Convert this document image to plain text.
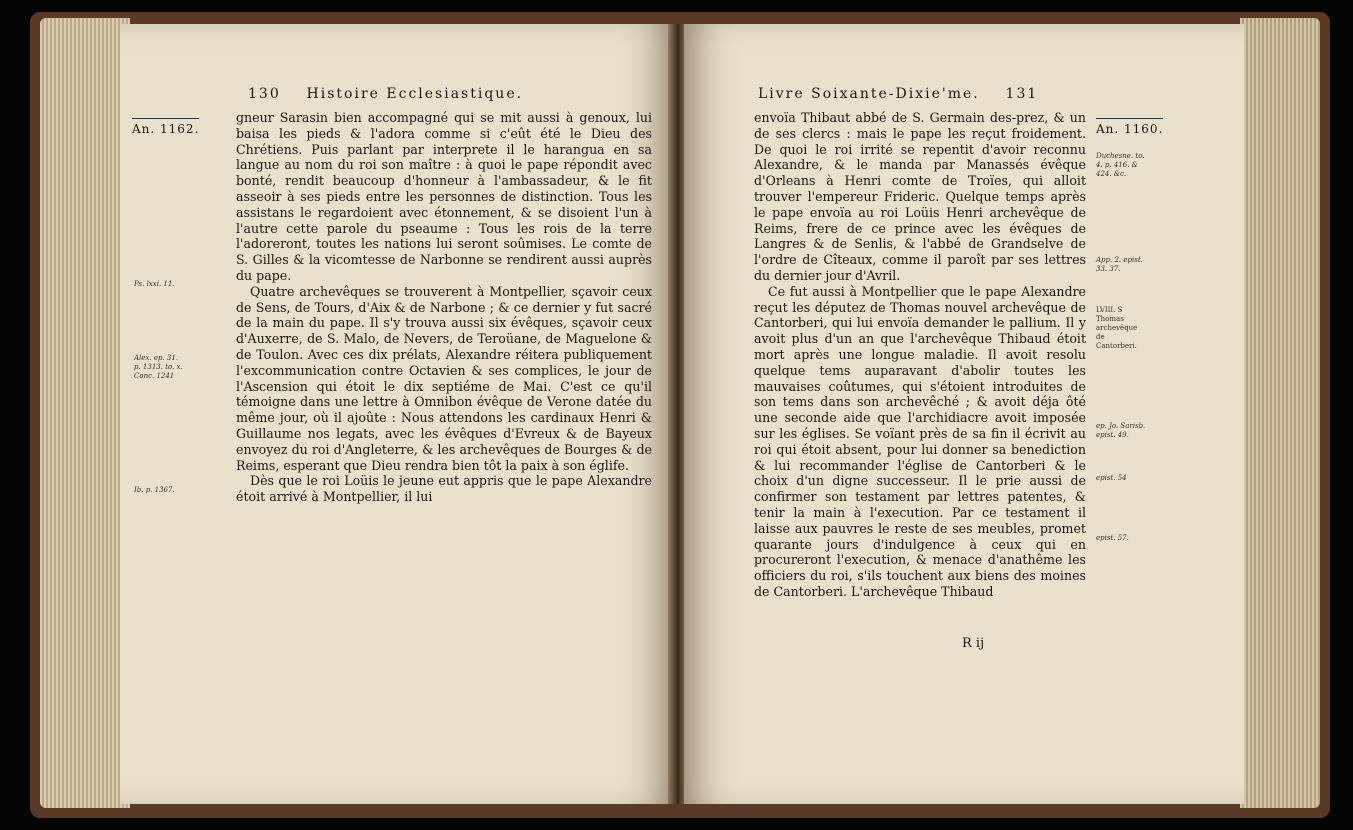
130 Histoire Ecclesiastique.
An. 1162.
Ps. lxxi. 11.
Alex. ep. 31. p. 1313. to. x. Conc. 1241
Ib. p. 1367.

gneur Sarasin bien accompagné qui se mit aussi à genoux, lui baisa les pieds & l'adora comme si c'eût été le Dieu des Chrétiens. Puis parlant par interprete il le harangua en sa langue au nom du roi son maître : à quoi le pape répondit avec bonté, rendit beaucoup d'honneur à l'ambassadeur, & le fit asseoir à ses pieds entre les personnes de distinction. Tous les assistans le regardoient avec étonnement, & se disoient l'un à l'autre cette parole du pseaume : Tous les rois de la terre l'adoreront, toutes les nations lui seront soûmises. Le comte de S. Gilles & la vicomtesse de Narbonne se rendirent aussi auprès du pape.

Quatre archevêques se trouverent à Montpellier, sçavoir ceux de Sens, de Tours, d'Aix & de Narbone ; & ce dernier y fut sacré de la main du pape. Il s'y trouva aussi six évêques, sçavoir ceux d'Auxerre, de S. Malo, de Nevers, de Teroüane, de Maguelone & de Toulon. Avec ces dix prélats, Alexandre réitera publiquement l'excommunication contre Octavien & ses complices, le jour de l'Ascension qui étoit le dix septiéme de Mai. C'est ce qu'il témoigne dans une lettre à Omnibon évêque de Verone datée du même jour, où il ajoûte : Nous attendons les cardinaux Henri & Guillaume nos legats, avec les évêques d'Evreux & de Bayeux envoyez du roi d'Angleterre, & les archevêques de Bourges & de Reims, esperant que Dieu rendra bien tôt la paix à son églife.

Dès que le roi Loüis le jeune eut appris que le pape Alexandre étoit arrivé à Montpellier, il lui

Livre Soixante-Dixie'me. 131
An. 1160.
Duchesne. to. 4. p. 416. & 424. &c.
App. 2. epist. 33. 37.
LVIII. S Thomas archevêque de Cantorberi.
ep. Jo. Sarisb. epist. 49.
epist. 54
epist. 57.

envoïa Thibaut abbé de S. Germain des-prez, & un de ses clercs : mais le pape les reçut froidement. De quoi le roi irrité se repentit d'avoir reconnu Alexandre, & le manda par Manassés évêque d'Orleans à Henri comte de Troïes, qui alloit trouver l'empereur Frideric. Quelque temps après le pape envoïa au roi Loüis Henri archevêque de Reims, frere de ce prince avec les évêques de Langres & de Senlis, & l'abbé de Grandselve de l'ordre de Cîteaux, comme il paroît par ses lettres du dernier jour d'Avril.

Ce fut aussi à Montpellier que le pape Alexandre reçut les députez de Thomas nouvel archevêque de Cantorberi, qui lui envoïa demander le pallium. Il y avoit plus d'un an que l'archevêque Thibaud étoit mort après une longue maladie. Il avoit resolu quelque tems auparavant d'abolir toutes les mauvaises coûtumes, qui s'étoient introduites de son tems dans son archevêché ; & avoit déja ôté une seconde aide que l'archidiacre avoit imposée sur les églises. Se voïant près de sa fin il écrivit au roi qui étoit absent, pour lui donner sa benediction & lui recommander l'église de Cantorberi & le choix d'un digne successeur. Il le prie aussi de confirmer son testament par lettres patentes, & tenir la main à l'execution. Par ce testament il laisse aux pauvres le reste de ses meubles, promet quarante jours d'indulgence à ceux qui en procureront l'execution, & menace d'anathême les officiers du roi, s'ils touchent aux biens des moines de Cantorberi. L'archevêque Thibaud

R ij
